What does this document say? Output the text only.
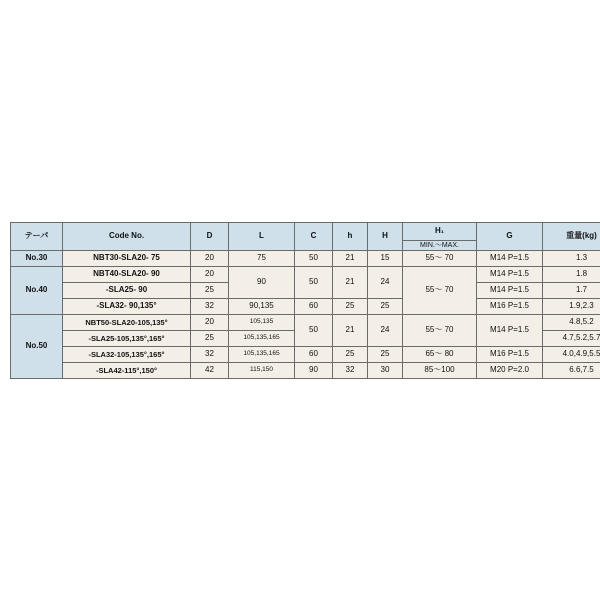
テーパ	Code No.	D	L	C	h	H	H₁	G	重量(kg)
							MIN.～MAX.		
No.30	NBT30-SLA20- 75	20	75	50	21	15	55～ 70	M14 P=1.5	1.3
No.40	NBT40-SLA20- 90	20	90	50	21	24	55～ 70	M14 P=1.5	1.8
	-SLA25- 90	25						M14 P=1.5	1.7
	-SLA32- 90,135°	32	90,135	60	25	25		M16 P=1.5	1.9,2.3
No.50	NBT50-SLA20-105,135°	20	105,135	50	21	24	55～ 70	M14 P=1.5	4.8,5.2
	-SLA25-105,135°,165°	25	105,135,165						4.7,5.2,5.7
	-SLA32-105,135°,165°	32	105,135,165	60	25	25	65～ 80	M16 P=1.5	4.0,4.9,5.5
	-SLA42-115°,150°	42	115,150	90	32	30	85～100	M20 P=2.0	6.6,7.5
